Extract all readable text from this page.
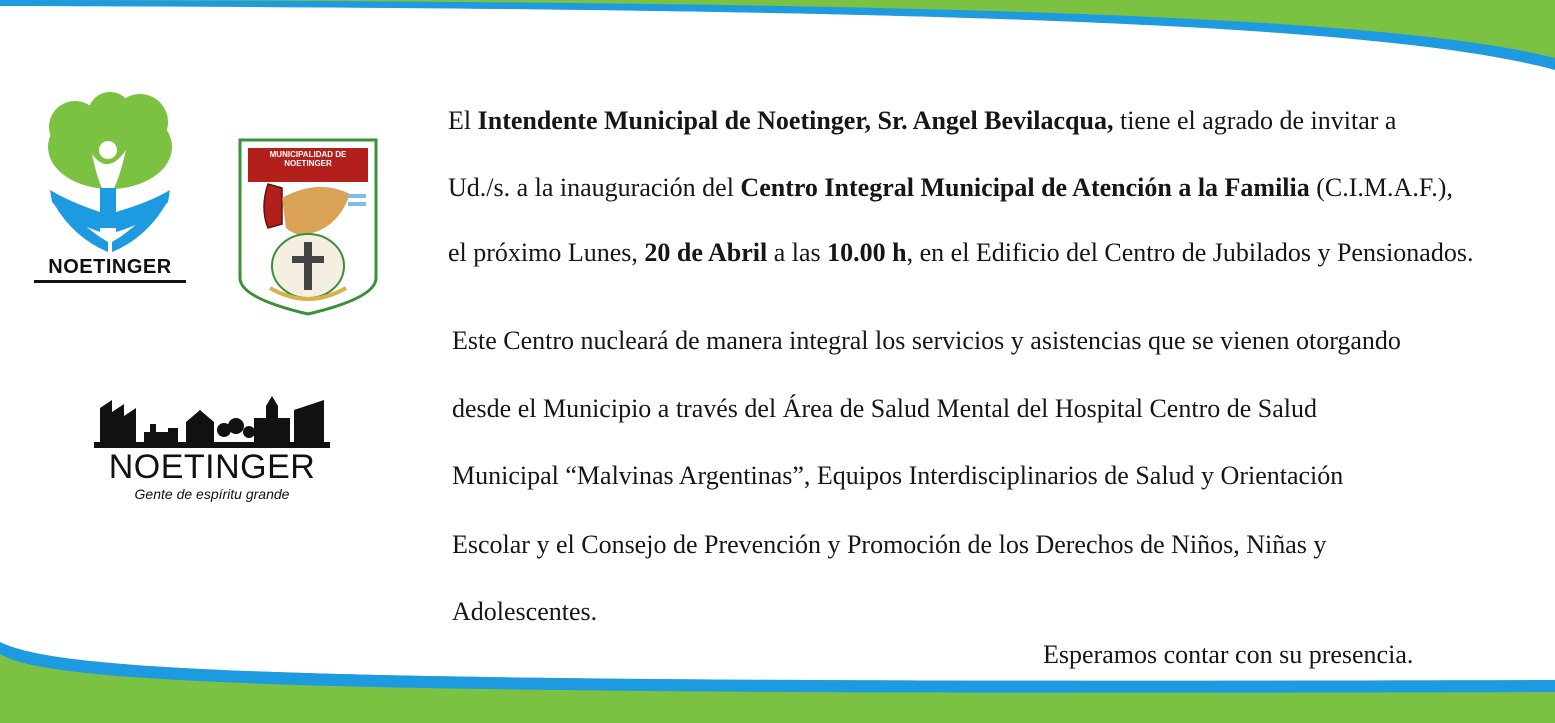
NOETINGER
MUNICIPALIDAD DE NOETINGER
NOETINGER
Gente de espíritu grande

El Intendente Municipal de Noetinger, Sr. Angel Bevilacqua, tiene el agrado de invitar a

Ud./s. a la inauguración del Centro Integral Municipal de Atención a la Familia (C.I.M.A.F.),

el próximo Lunes, 20 de Abril a las 10.00 h, en el Edificio del Centro de Jubilados y Pensionados.

Este Centro nucleará de manera integral los servicios y asistencias que se vienen otorgando

desde el Municipio a través del Área de Salud Mental del Hospital Centro de Salud

Municipal “Malvinas Argentinas”, Equipos Interdisciplinarios de Salud y Orientación

Escolar y el Consejo de Prevención y Promoción de los Derechos de Niños, Niñas y

Adolescentes.

Esperamos contar con su presencia.
